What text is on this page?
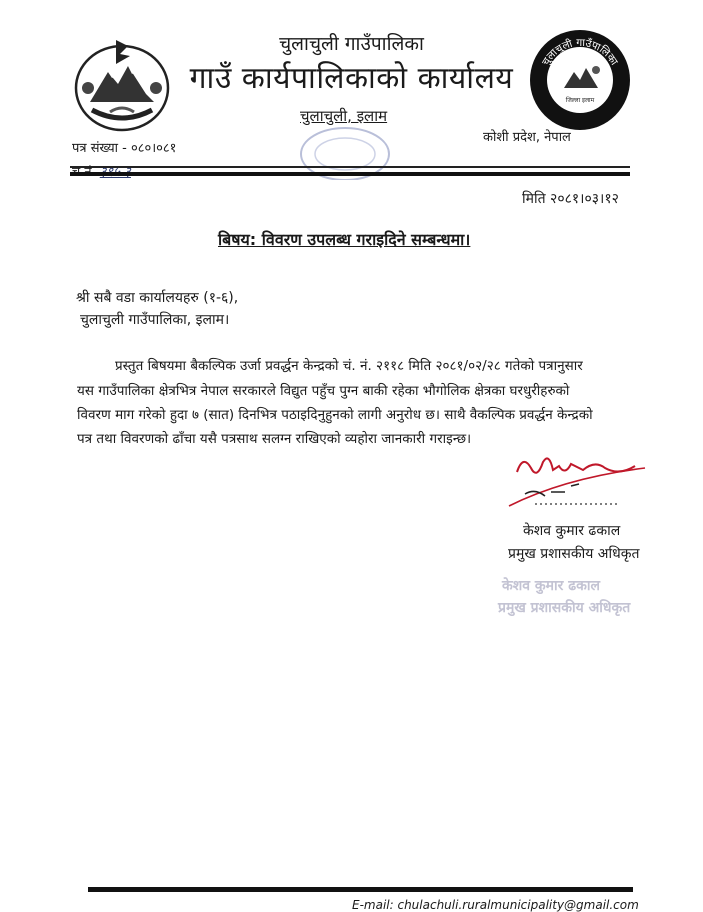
चुलाचुली गाउँपालिका
जिल्ला इलाम
चुलाचुली गाउँपालिका
गाउँ कार्यपालिकाको कार्यालय
चुलाचुली, इलाम
कोशी प्रदेश, नेपाल
पत्र संख्या - ०८०।०८१
मिति २०८१।०३।१२
बिषय: विवरण उपलब्ध गराइदिने सम्बन्धमा।
श्री सबै वडा कार्यालयहरु (१-६),
चुलाचुली गाउँपालिका, इलाम।
प्रस्तुत बिषयमा बैकल्पिक उर्जा प्रवर्द्धन केन्द्रको चं. नं. २११८ मिति २०८१/०२/२८ गतेको पत्रानुसार
यस गाउँपालिका क्षेत्रभित्र नेपाल सरकारले विद्युत पहुँच पुग्न बाकी रहेका भौगोलिक क्षेत्रका घरधुरीहरुको
विवरण माग गरेको हुदा ७ (सात) दिनभित्र पठाइदिनुहुनको लागी अनुरोध छ। साथै वैकल्पिक प्रवर्द्धन केन्द्रको
पत्र तथा विवरणको ढाँचा यसै पत्रसाथ सलग्न राखिएको व्यहोरा जानकारी गराइन्छ।
केशव कुमार ढकाल
प्रमुख प्रशासकीय अधिकृत
केशव कुमार ढकाल
प्रमुख प्रशासकीय अधिकृत
E-mail: chulachuli.ruralmunicipality@gmail.com
